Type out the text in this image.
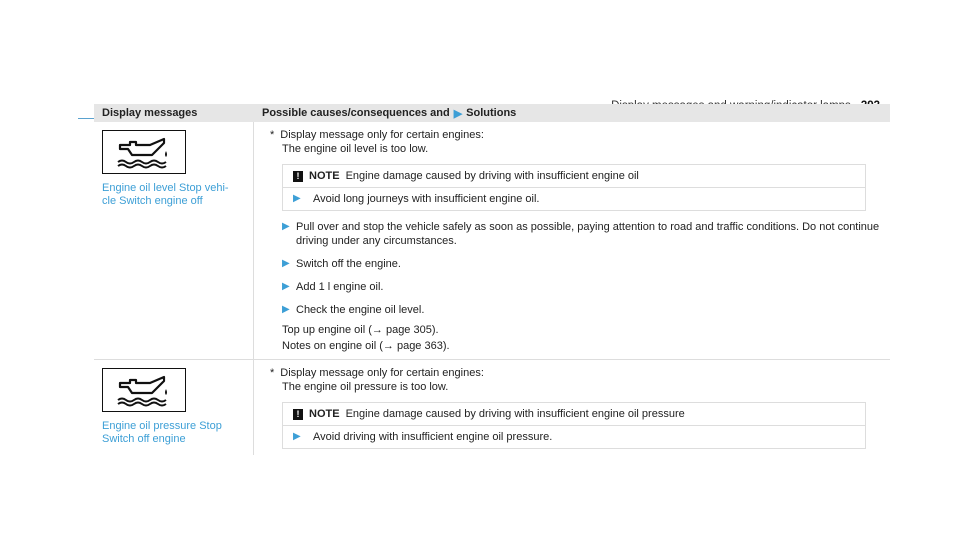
Display messages	Possible causes/consequences and ▶ Solutions
Engine oil level Stop vehi-
cle Switch engine off
* Display message only for certain engines:
The engine oil level is too low.
! NOTE Engine damage caused by driving with insufficient engine oil
▶	Avoid long journeys with insufficient engine oil.
▶ Pull over and stop the vehicle safely as soon as possible, paying attention to road and traffic conditions. Do not continue driving under any circumstances.
▶ Switch off the engine.
▶ Add 1 l engine oil.
▶ Check the engine oil level.
Top up engine oil (→ page 305).
Notes on engine oil (→ page 363).
Engine oil pressure Stop
Switch off engine
* Display message only for certain engines:
The engine oil pressure is too low.
! NOTE Engine damage caused by driving with insufficient engine oil pressure
▶	Avoid driving with insufficient engine oil pressure.
